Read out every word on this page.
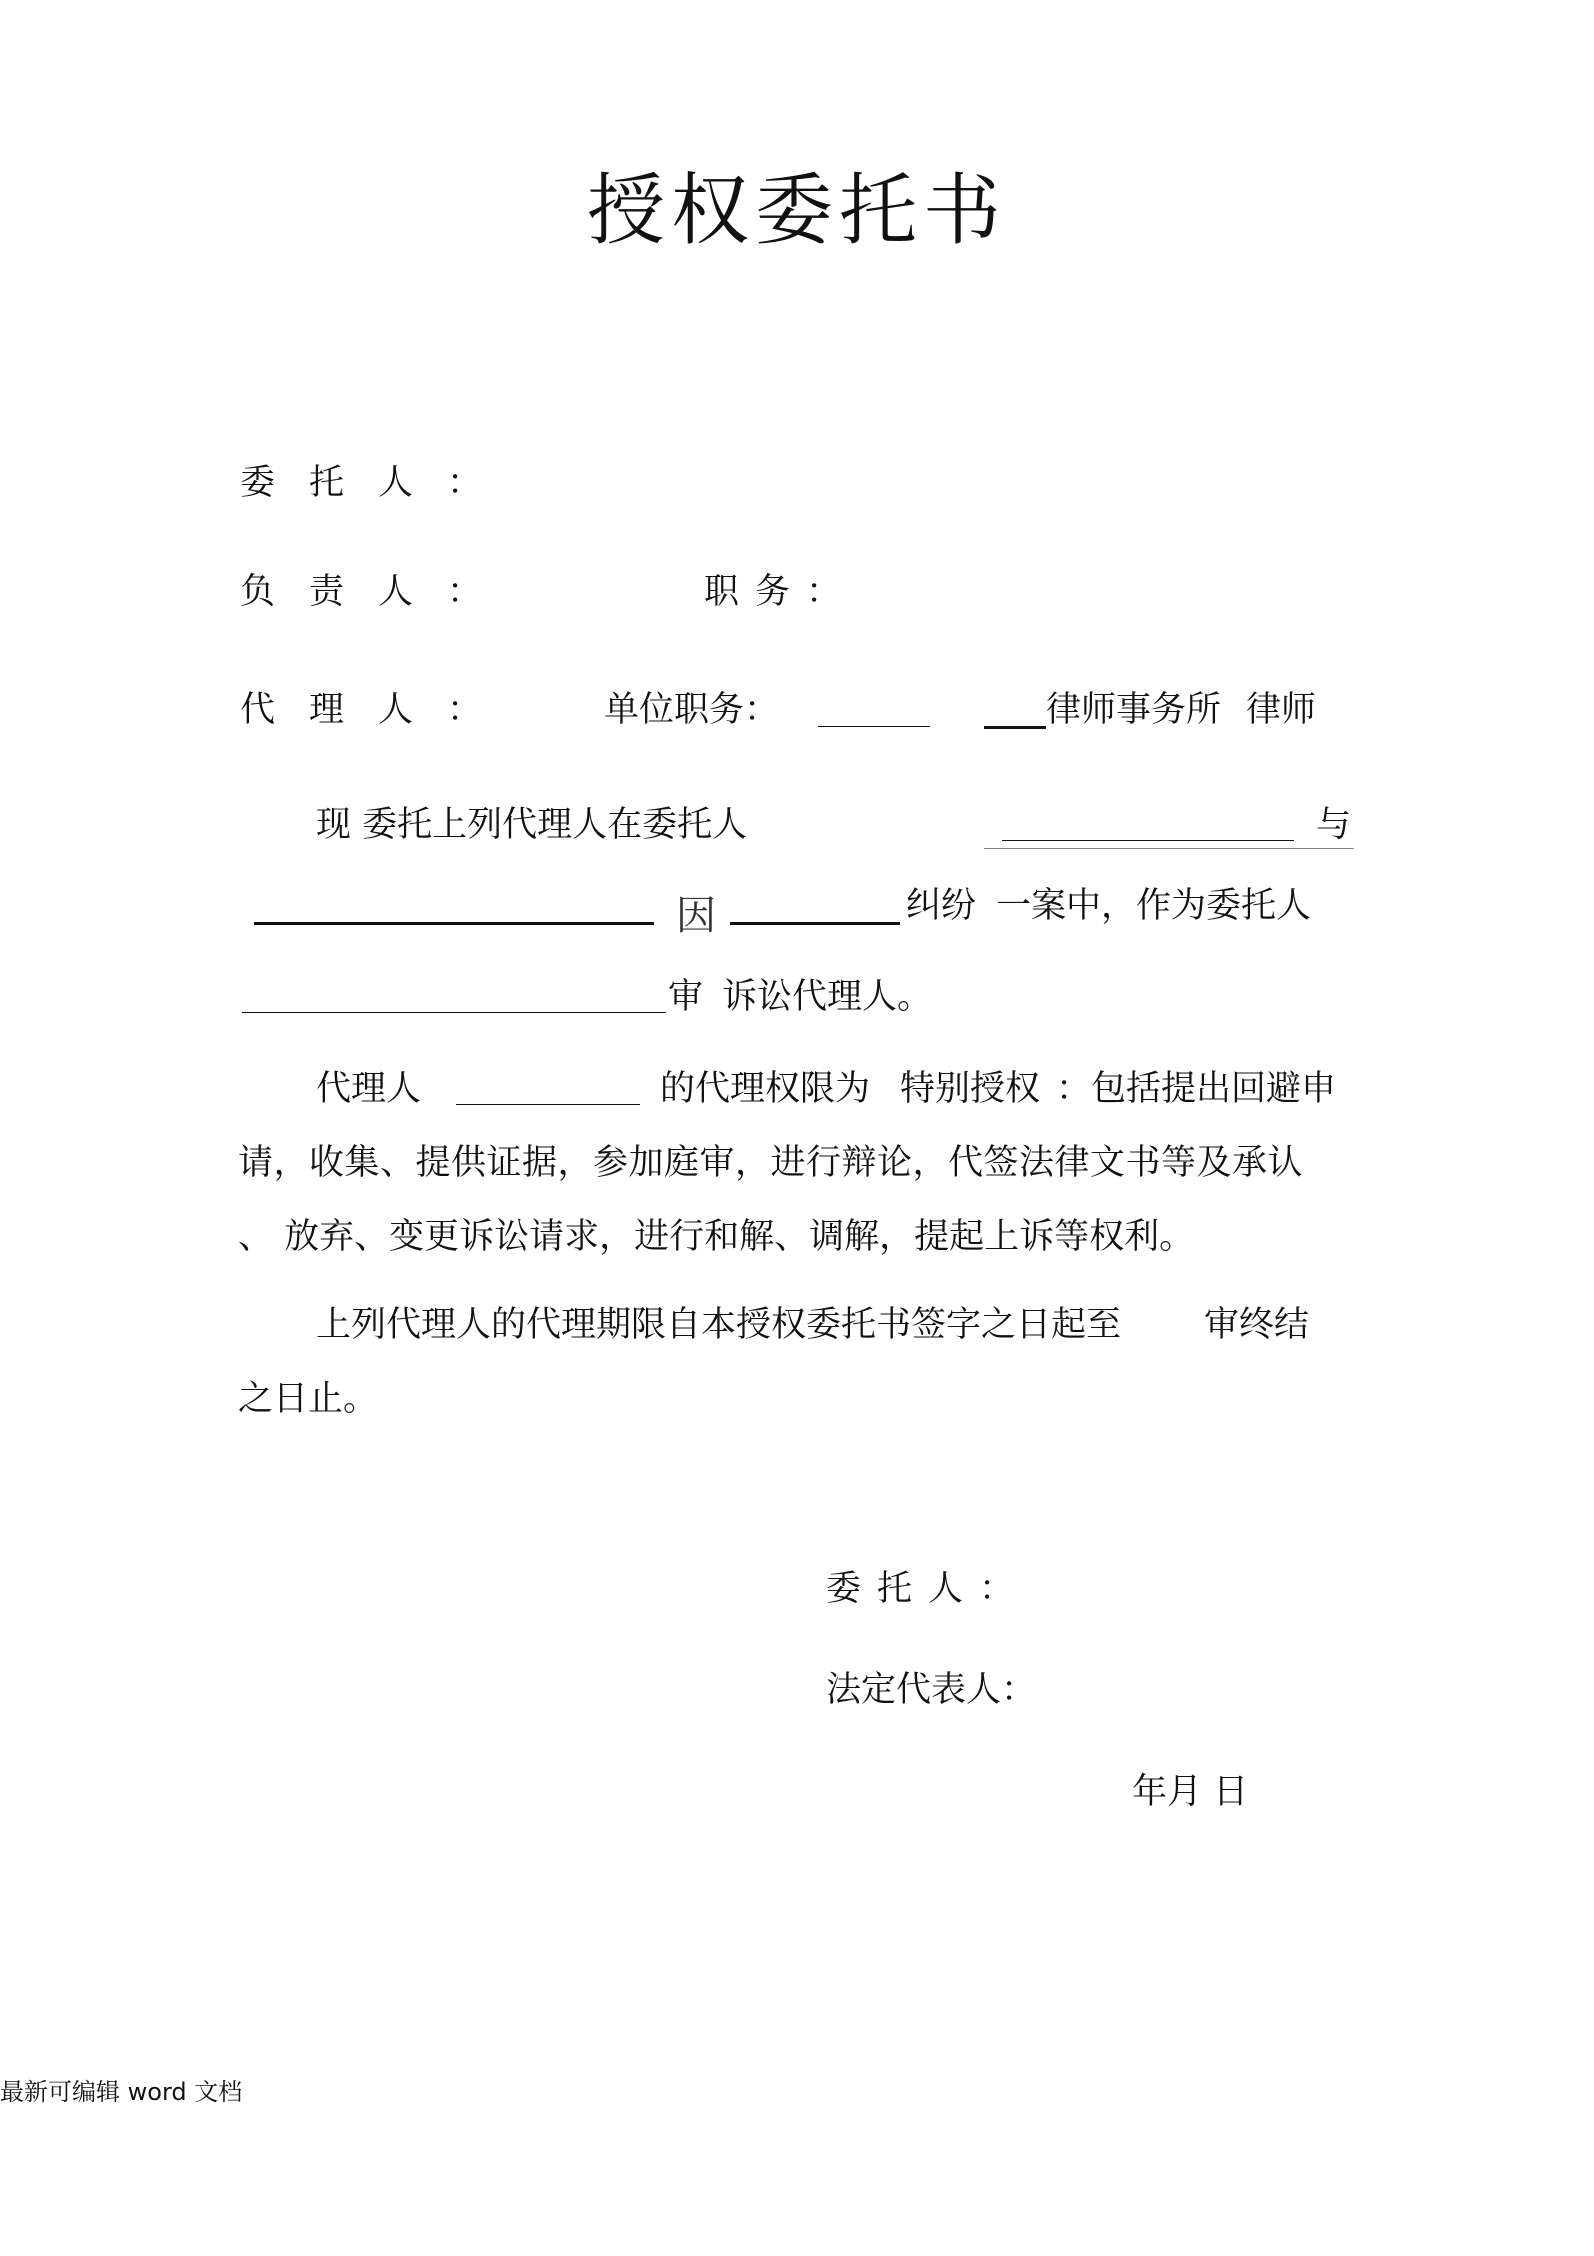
授权委托书
委托人：
负责人：	职务：
代理人：	单位职务：	律师事务所 律师
现 委托上列代理人在委托人	与
因	纠纷 一案中，作为委托人
审 诉讼代理人。
代理人	的代理权限为 特别授权 ：包括提出回避申
请，收集、提供证据，参加庭审，进行辩论，代签法律文书等及承认
、 放弃、变更诉讼请求，进行和解、调解，提起上诉等权利。
上列代理人的代理期限自本授权委托书签字之日起至 审终结
之日止。
委托人：
法定代表人：
年月 日
最新可编辑 word 文档
